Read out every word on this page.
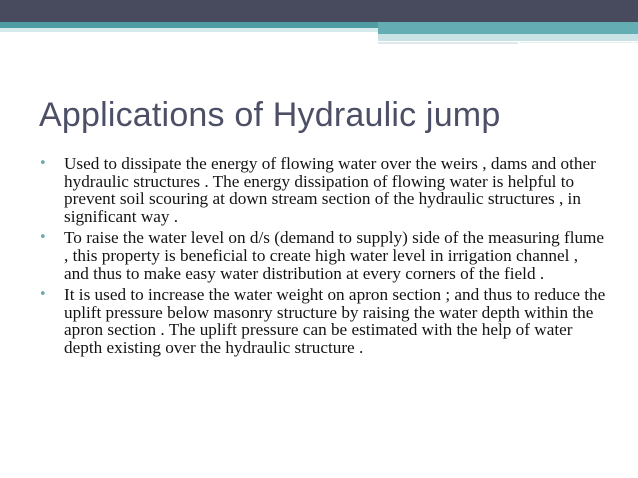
Applications of Hydraulic jump
• Used to dissipate the energy of flowing water over the weirs , dams and other hydraulic structures . The energy dissipation of flowing water is helpful to prevent soil scouring at down stream section of the hydraulic structures , in significant way .
• To raise the water level on d/s (demand to supply) side of the measuring flume , this property is beneficial to create high water level in irrigation channel , and thus to make easy water distribution at every corners of the field .
• It is used to increase the water weight on apron section ; and thus to reduce the uplift pressure below masonry structure by raising the water depth within the apron section . The uplift pressure can be estimated with the help of water depth existing over the hydraulic structure .
